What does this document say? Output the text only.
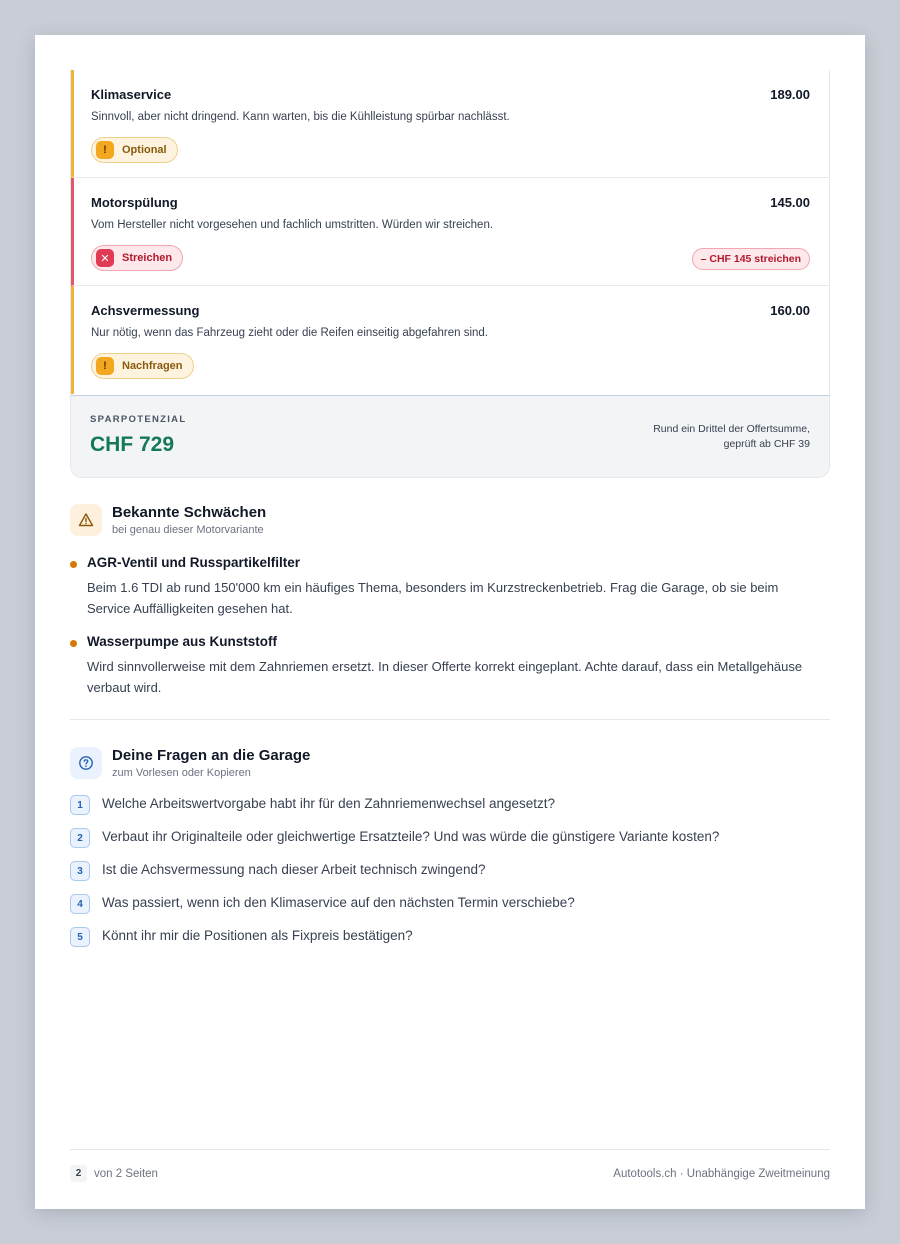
Klimaservice	189.00
Sinnvoll, aber nicht dringend. Kann warten, bis die Kühlleistung spürbar nachlässt.
!	Optional
Motorspülung	145.00
Vom Hersteller nicht vorgesehen und fachlich umstritten. Würden wir streichen.
✕	Streichen	– CHF 145 streichen
Achsvermessung	160.00
Nur nötig, wenn das Fahrzeug zieht oder die Reifen einseitig abgefahren sind.
!	Nachfragen
SPARPOTENZIAL
CHF 729
Rund ein Drittel der Offertsumme,
geprüft ab CHF 39
Bekannte Schwächen
bei genau dieser Motorvariante
AGR-Ventil und Russpartikelfilter
Beim 1.6 TDI ab rund 150'000 km ein häufiges Thema, besonders im Kurzstreckenbetrieb. Frag die Garage, ob sie beim Service Auffälligkeiten gesehen hat.
Wasserpumpe aus Kunststoff
Wird sinnvollerweise mit dem Zahnriemen ersetzt. In dieser Offerte korrekt eingeplant. Achte darauf, dass ein Metallgehäuse verbaut wird.
Deine Fragen an die Garage
zum Vorlesen oder Kopieren
1	Welche Arbeitswertvorgabe habt ihr für den Zahnriemenwechsel angesetzt?
2	Verbaut ihr Originalteile oder gleichwertige Ersatzteile? Und was würde die günstigere Variante kosten?
3	Ist die Achsvermessung nach dieser Arbeit technisch zwingend?
4	Was passiert, wenn ich den Klimaservice auf den nächsten Termin verschiebe?
5	Könnt ihr mir die Positionen als Fixpreis bestätigen?
2	von 2 Seiten	Autotools.ch · Unabhängige Zweitmeinung
